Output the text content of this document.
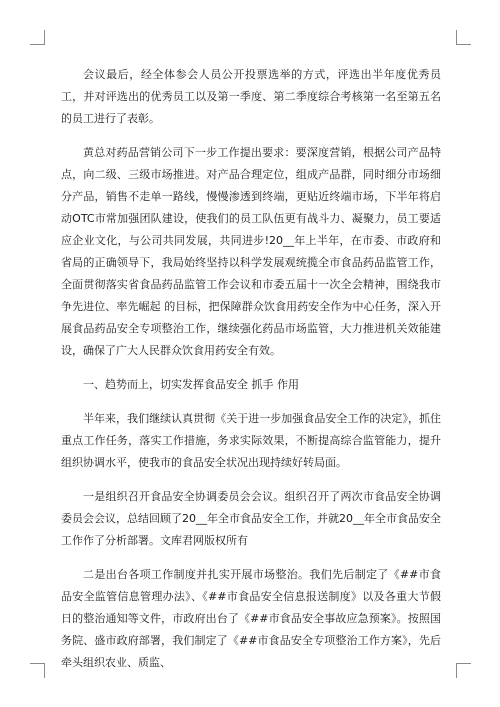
会议最后，经全体参会人员公开投票选举的方式，评选出半年度优秀员工，并对评选出的优秀员工以及第一季度、第二季度综合考核第一名至第五名的员工进行了表彰。

黄总对药品营销公司下一步工作提出要求：要深度营销，根据公司产品特点，向二级、三级市场推进。对产品合理定位，组成产品群，同时细分市场细分产品，销售不走单一路线，慢慢渗透到终端，更贴近终端市场，下半年将启动OTC市常加强团队建设，使我们的员工队伍更有战斗力、凝聚力，员工要适应企业文化，与公司共同发展，共同进步!20__年上半年，在市委、市政府和省局的正确领导下，我局始终坚持以科学发展观统揽全市食品药品监管工作，全面贯彻落实省食品药品监管工作会议和市委五届十一次全会精神，围绕我市 争先进位、率先崛起 的目标，把保障群众饮食用药安全作为中心任务，深入开展食品药品安全专项整治工作，继续强化药品市场监管，大力推进机关效能建设，确保了广大人民群众饮食用药安全有效。

一、趋势而上，切实发挥食品安全 抓手 作用

半年来，我们继续认真贯彻《关于进一步加强食品安全工作的决定》，抓住重点工作任务，落实工作措施，务求实际效果，不断提高综合监管能力，提升组织协调水平，使我市的食品安全状况出现持续好转局面。

一是组织召开食品安全协调委员会会议。组织召开了两次市食品安全协调委员会会议，总结回顾了20__年全市食品安全工作，并就20__年全市食品安全工作作了分析部署。文库君网版权所有

二是出台各项工作制度并扎实开展市场整治。我们先后制定了《##市食品安全监管信息管理办法》、《##市食品安全信息报送制度》以及各重大节假日的整治通知等文件，市政府出台了《##市食品安全事故应急预案》。按照国务院、盛市政府部署，我们制定了《##市食品安全专项整治工作方案》，先后牵头组织农业、质监、
